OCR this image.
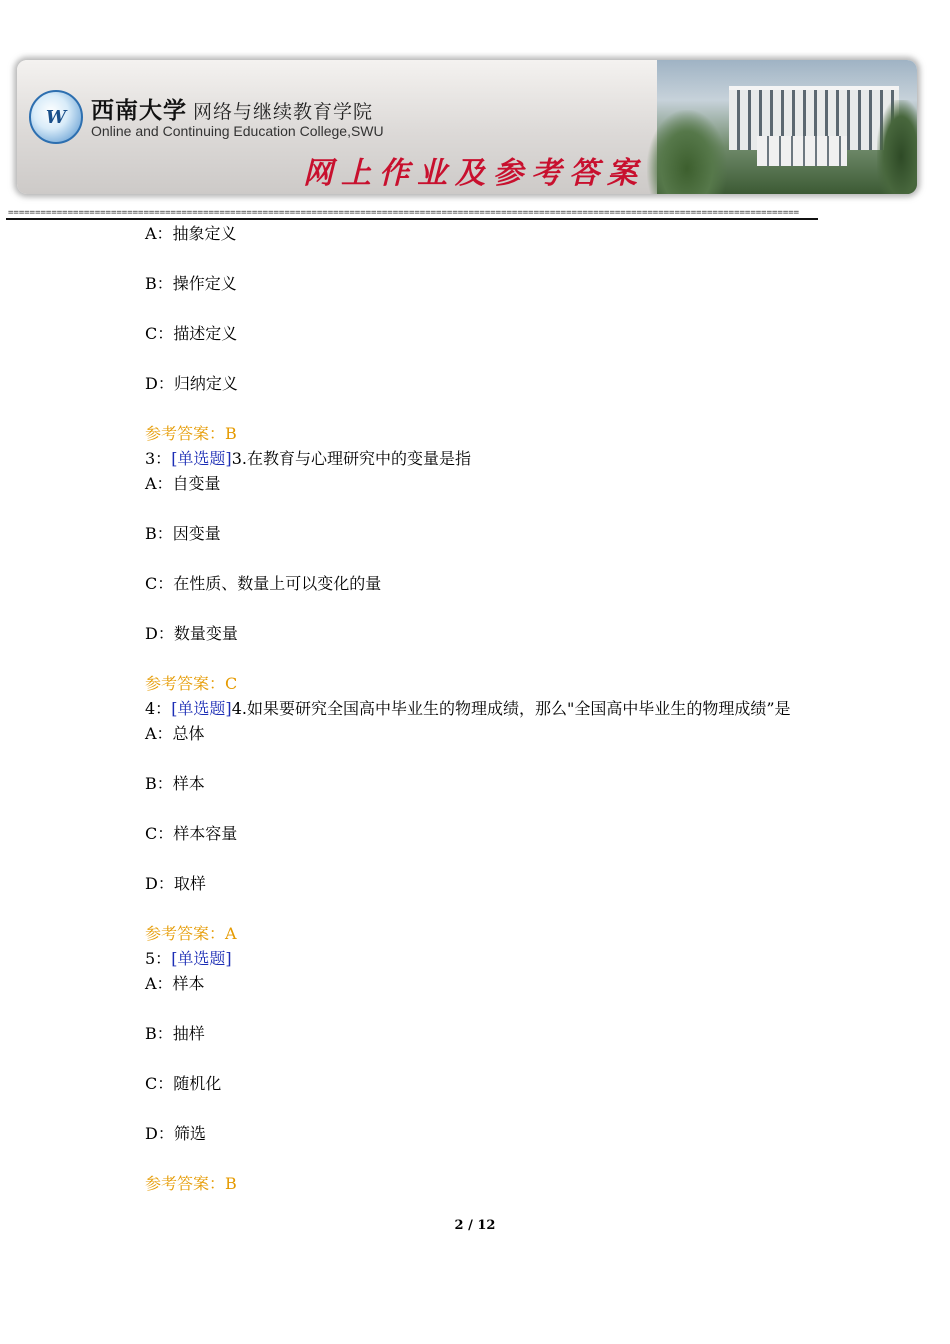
W 西南大学 网络与继续教育学院
Online and Continuing Education College,SWU
网上作业及参考答案
==================================================================================================================================================
A：抽象定义
B：操作定义
C：描述定义
D：归纳定义
参考答案：B
3：[单选题]3.在教育与心理研究中的变量是指
A：自变量
B：因变量
C：在性质、数量上可以变化的量
D：数量变量
参考答案：C
4：[单选题]4.如果要研究全国高中毕业生的物理成绩，那么"全国高中毕业生的物理成绩”是
A：总体
B：样本
C：样本容量
D：取样
参考答案：A
5：[单选题]
A：样本
B：抽样
C：随机化
D：筛选
参考答案：B
2 / 12
